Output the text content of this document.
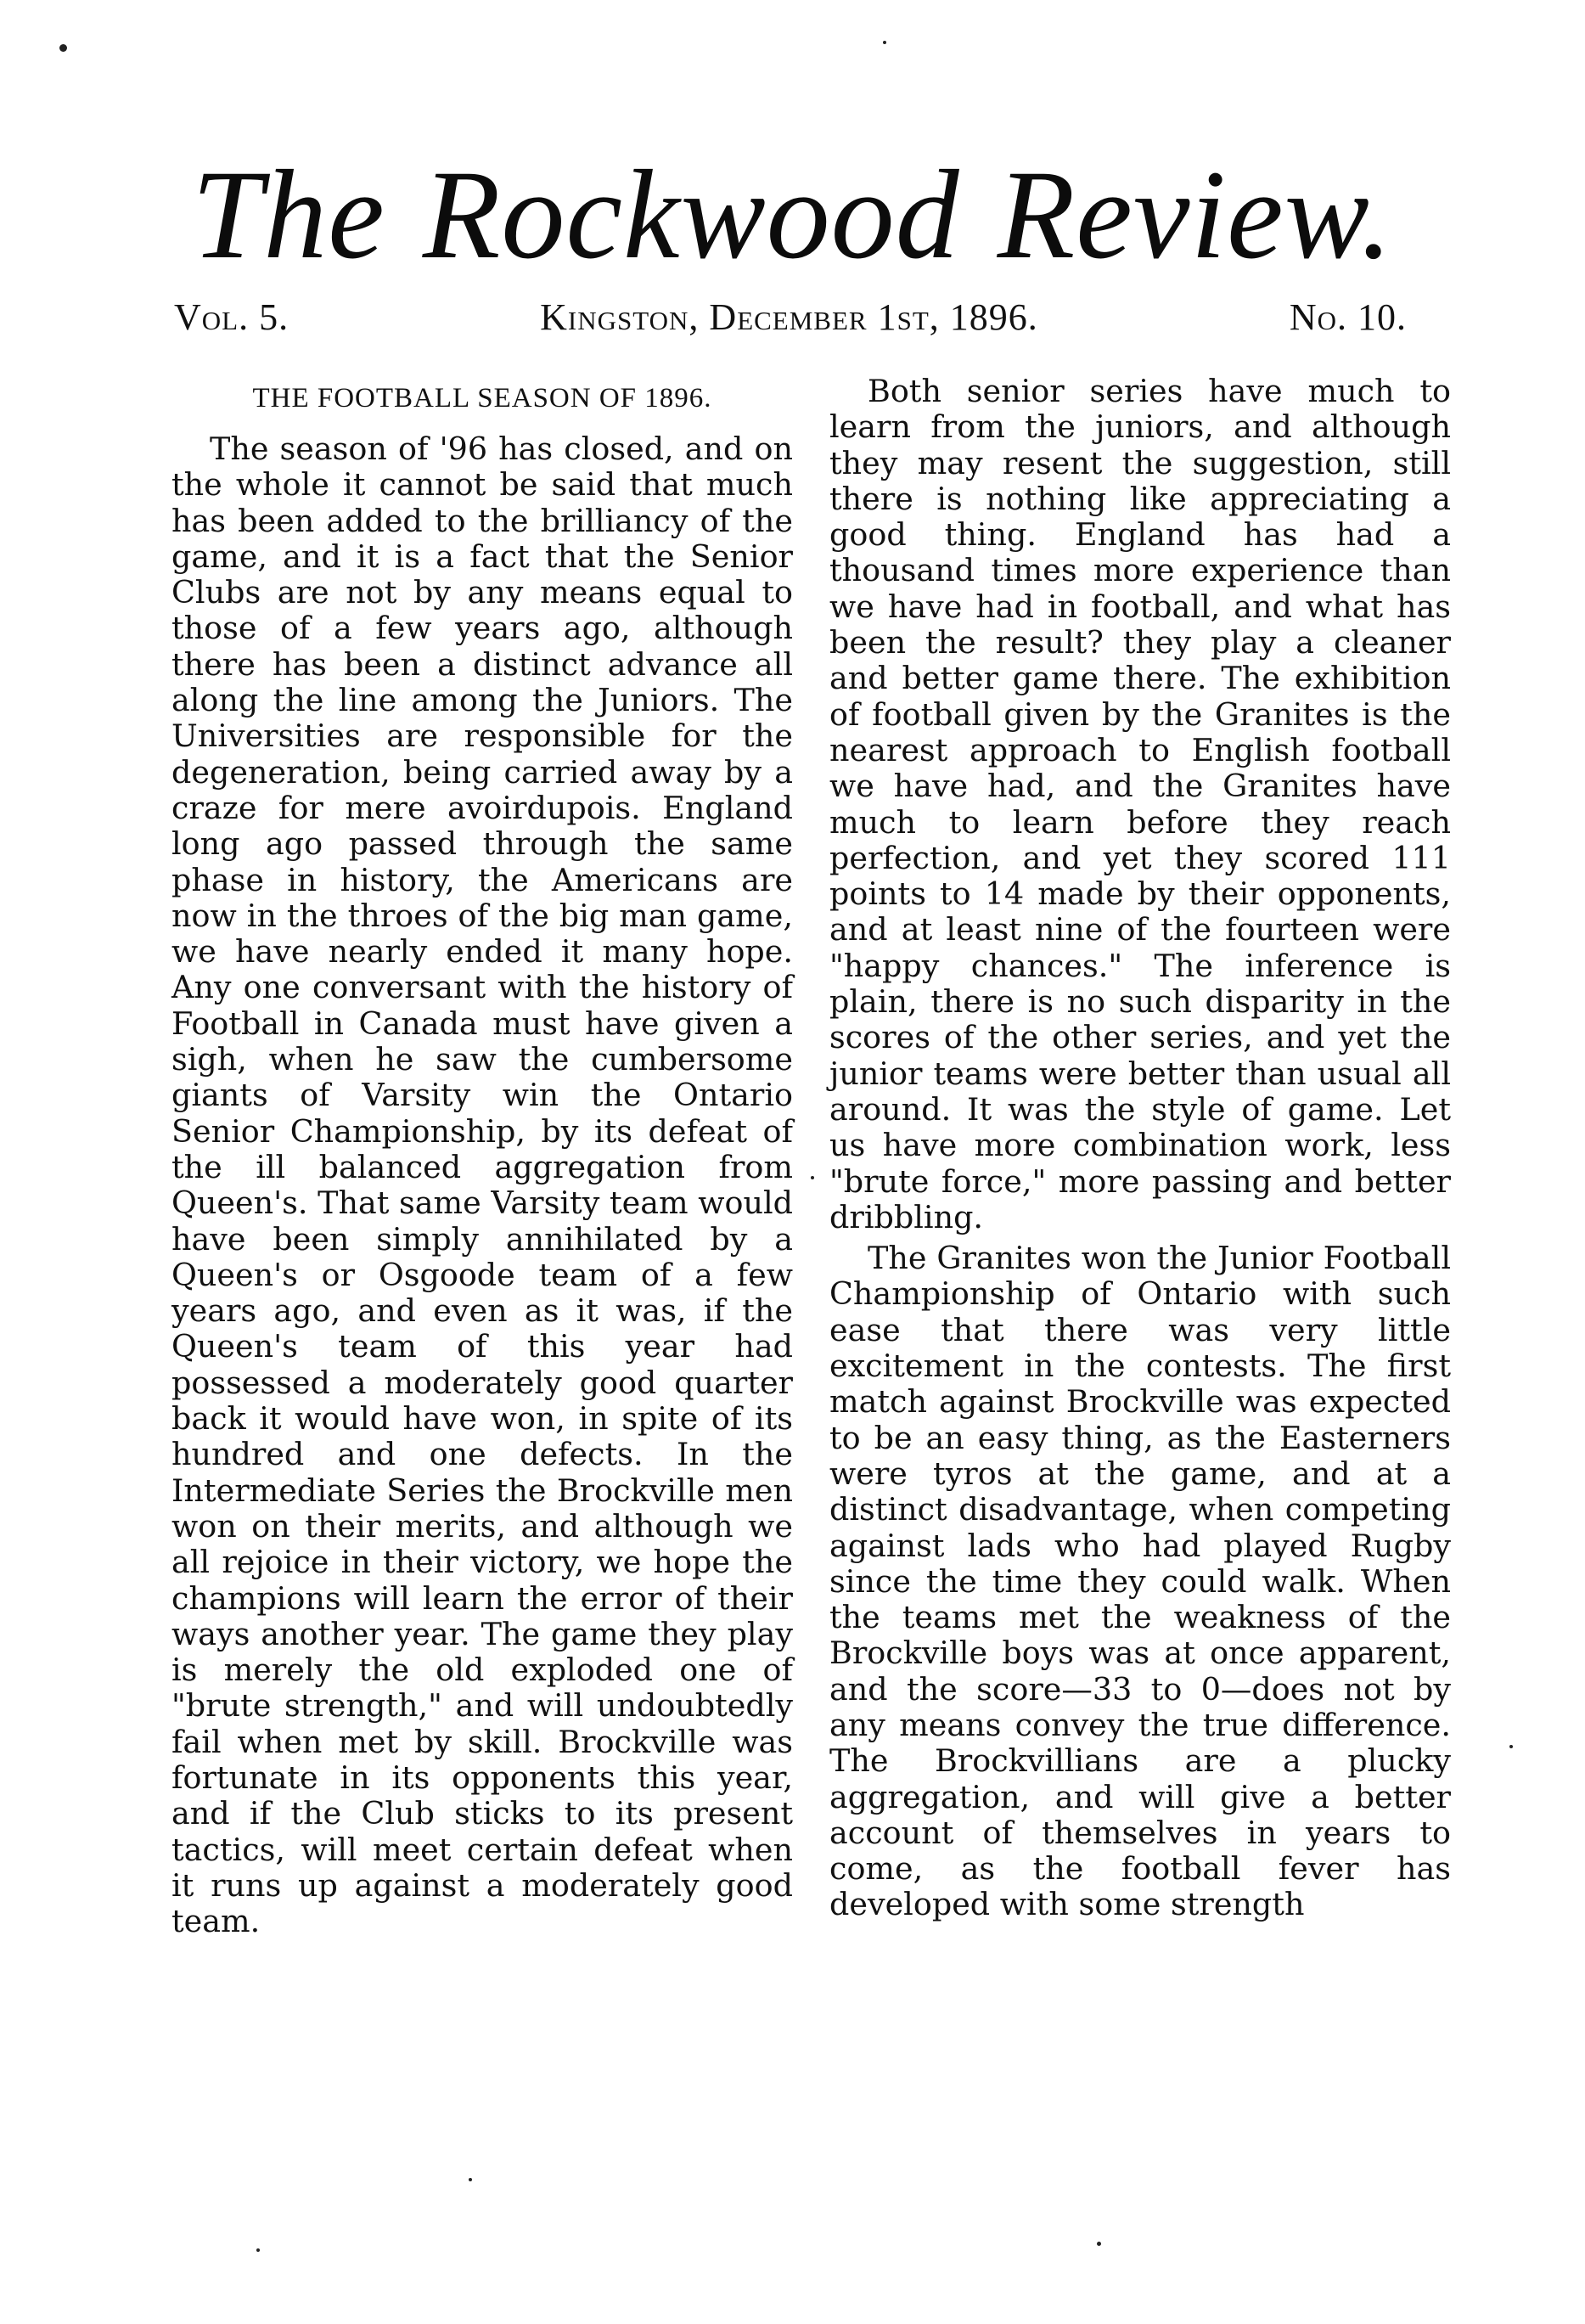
The Rockwood Review.
Vol. 5.	Kingston, December 1st, 1896.	No. 10.
THE FOOTBALL SEASON OF 1896.

The season of '96 has closed, and on the whole it cannot be said that much has been added to the brilliancy of the game, and it is a fact that the Senior Clubs are not by any means equal to those of a few years ago, although there has been a distinct advance all along the line among the Juniors. The Universities are responsible for the degeneration, being carried away by a craze for mere avoirdupois. England long ago passed through the same phase in history, the Americans are now in the throes of the big man game, we have nearly ended it many hope. Any one conversant with the history of Football in Canada must have given a sigh, when he saw the cumbersome giants of Varsity win the Ontario Senior Championship, by its defeat of the ill balanced aggregation from Queen's. That same Varsity team would have been simply annihilated by a Queen's or Osgoode team of a few years ago, and even as it was, if the Queen's team of this year had possessed a moderately good quarter back it would have won, in spite of its hundred and one defects. In the Intermediate Series the Brockville men won on their merits, and although we all rejoice in their victory, we hope the champions will learn the error of their ways another year. The game they play is merely the old exploded one of "brute strength," and will undoubtedly fail when met by skill. Brockville was fortunate in its opponents this year, and if the Club sticks to its present tactics, will meet certain defeat when it runs up against a moderately good team.

Both senior series have much to learn from the juniors, and although they may resent the suggestion, still there is nothing like appreciating a good thing. England has had a thousand times more experience than we have had in football, and what has been the result? they play a cleaner and better game there. The exhibition of football given by the Granites is the nearest approach to English football we have had, and the Granites have much to learn before they reach perfection, and yet they scored 111 points to 14 made by their opponents, and at least nine of the fourteen were "happy chances." The inference is plain, there is no such disparity in the scores of the other series, and yet the junior teams were better than usual all around. It was the style of game. Let us have more combination work, less "brute force," more passing and better dribbling.

The Granites won the Junior Football Championship of Ontario with such ease that there was very little excitement in the contests. The first match against Brockville was expected to be an easy thing, as the Easterners were tyros at the game, and at a distinct disadvantage, when competing against lads who had played Rugby since the time they could walk. When the teams met the weakness of the Brockville boys was at once apparent, and the score—33 to 0—does not by any means convey the true difference. The Brockvillians are a plucky aggregation, and will give a better account of themselves in years to come, as the football fever has developed with some strength
